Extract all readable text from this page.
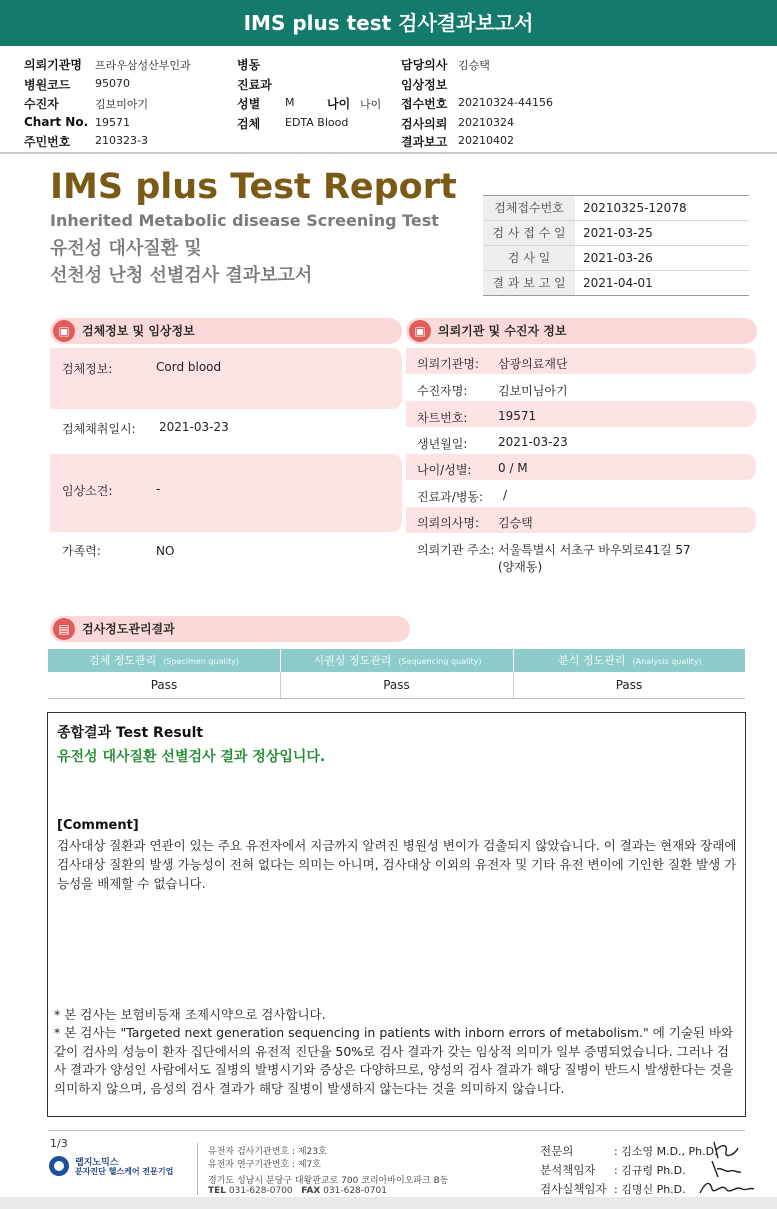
IMS plus test 검사결과보고서
의뢰기관명 프라우삼성산부인과
병원코드 95070
수진자	김보미아기
Chart No. 19571
주민번호 210323-3
병동
진료과
성별 M	나이 나이
검체 EDTA Blood
담당의사 김승택
임상정보
접수번호 20210324-44156
검사의뢰 20210324
결과보고 20210402
IMS plus Test Report
Inherited Metabolic disease Screening Test
유전성 대사질환 및
선천성 난청 선별검사 결과보고서
검체접수번호	20210325-12078
검 사 접 수 일	2021-03-25
검 사 일	2021-03-26
결 과 보 고 일	2021-04-01
▣	검체정보 및 임상정보
검체정보:	Cord blood
검체채취일시: 2021-03-23
임상소견:	-
가족력:	NO
▣	의뢰기관 및 수진자 정보
의뢰기관명: 삼광의료재단
수진자명:	김보미님아기
차트번호:	19571
생년월일:	2021-03-23
나이/성별: 0 / M
진료과/병동: /
의뢰의사명: 김승택
의뢰기관 주소: 서울특별시 서초구 바우뫼로41길 57
(양재동)
▤	검사정도관리결과
검체 정도관리 (Specimen quality)	시퀀싱 정도관리 (Sequencing quality)	분석 정도관리 (Analysis quality)
Pass	Pass	Pass
종합결과 Test Result
유전성 대사질환 선별검사 결과 정상입니다.
[Comment]
검사대상 질환과 연관이 있는 주요 유전자에서 지금까지 알려진 병원성 변이가 검출되지 않았습니다. 이 결과는 현재와 장래에 검사대상 질환의 발생 가능성이 전혀 없다는 의미는 아니며, 검사대상 이외의 유전자 및 기타 유전 변이에 기인한 질환 발생 가능성을 배제할 수 없습니다.
* 본 검사는 보험비등재 조제시약으로 검사합니다.
* 본 검사는 "Targeted next generation sequencing in patients with inborn errors of metabolism." 에 기술된 바와 같이 검사의 성능이 환자 집단에서의 유전적 진단율 50%로 검사 결과가 갖는 임상적 의미가 일부 증명되었습니다. 그러나 검사 결과가 양성인 사람에서도 질병의 발병시기와 증상은 다양하므로, 양성의 검사 결과가 해당 질병이 반드시 발생한다는 것을 의미하지 않으며, 음성의 검사 결과가 해당 질병이 발생하지 않는다는 것을 의미하지 않습니다.
1/3
랩지노믹스
분자진단 헬스케어 전문기업
유전자 검사기관번호 : 제23호
유전자 연구기관번호 : 제7호
경기도 성남시 분당구 대왕판교로 700 코리아바이오파크 B동
TEL 031-628-0700 FAX 031-628-0701
전문의	: 김소영 M.D., Ph.D.
분석책임자 : 김규령 Ph.D.
검사실책임자 : 김명신 Ph.D.
